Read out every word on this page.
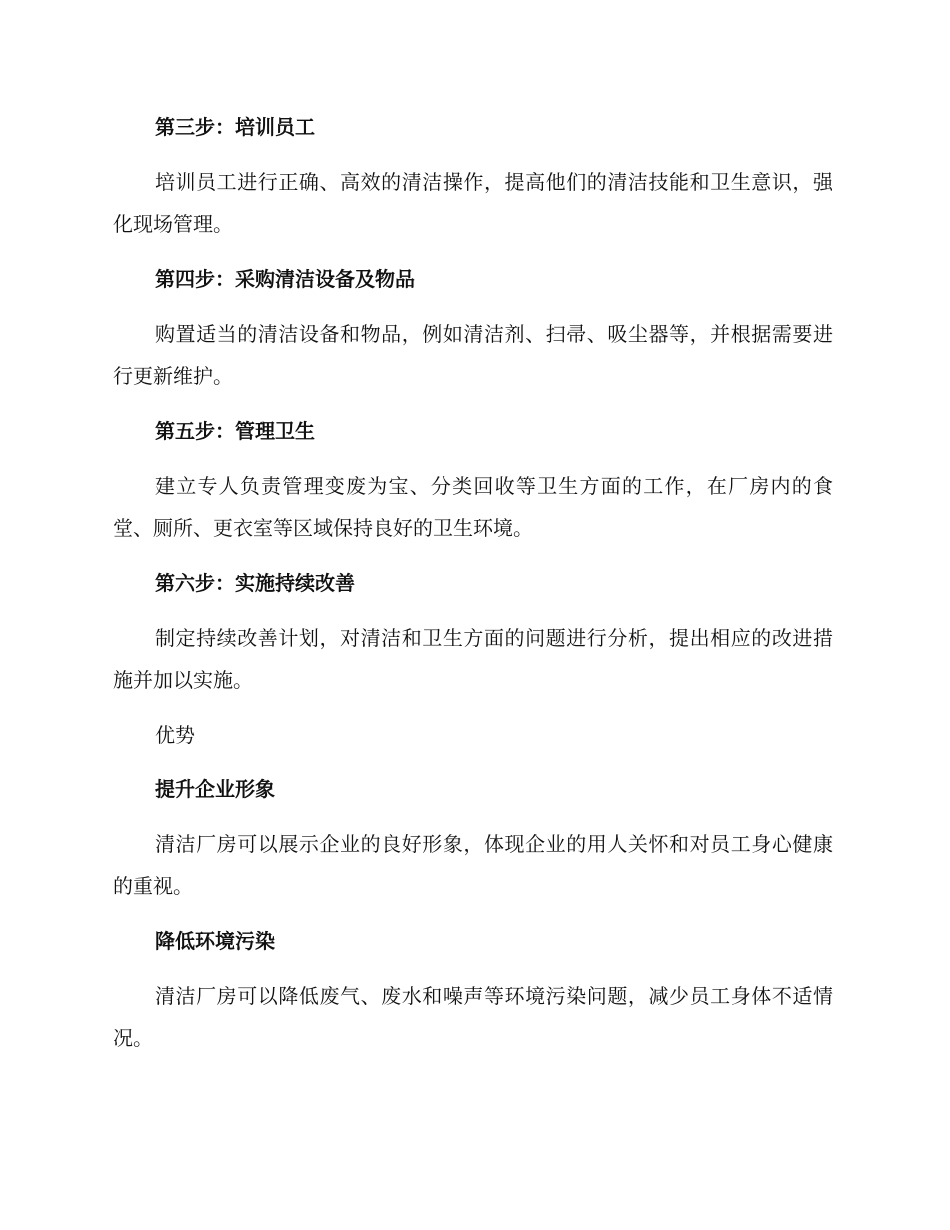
第三步：培训员工
培训员工进行正确、高效的清洁操作，提高他们的清洁技能和卫生意识，强化现场管理。
第四步：采购清洁设备及物品
购置适当的清洁设备和物品，例如清洁剂、扫帚、吸尘器等，并根据需要进行更新维护。
第五步：管理卫生
建立专人负责管理变废为宝、分类回收等卫生方面的工作，在厂房内的食堂、厕所、更衣室等区域保持良好的卫生环境。
第六步：实施持续改善
制定持续改善计划，对清洁和卫生方面的问题进行分析，提出相应的改进措施并加以实施。
优势
提升企业形象
清洁厂房可以展示企业的良好形象，体现企业的用人关怀和对员工身心健康的重视。
降低环境污染
清洁厂房可以降低废气、废水和噪声等环境污染问题，减少员工身体不适情况。
